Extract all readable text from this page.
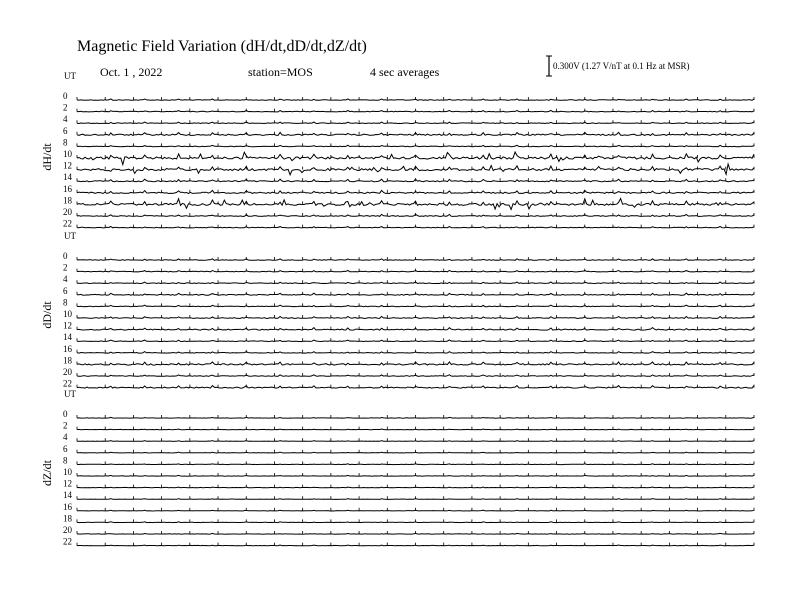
Magnetic Field Variation (dH/dt,dD/dt,dZ/dt)
Oct. 1 , 2022	station=MOS	4 sec averages	0.300V (1.27 V/nT at 0.1 Hz at MSR)
UT
dH/dt
0
2
4
6
8
10
12
14
16
18
20
22
UT
dD/dt
0
2
4
6
8
10
12
14
16
18
20
22
UT
dZ/dt
0
2
4
6
8
10
12
14
16
18
20
22
